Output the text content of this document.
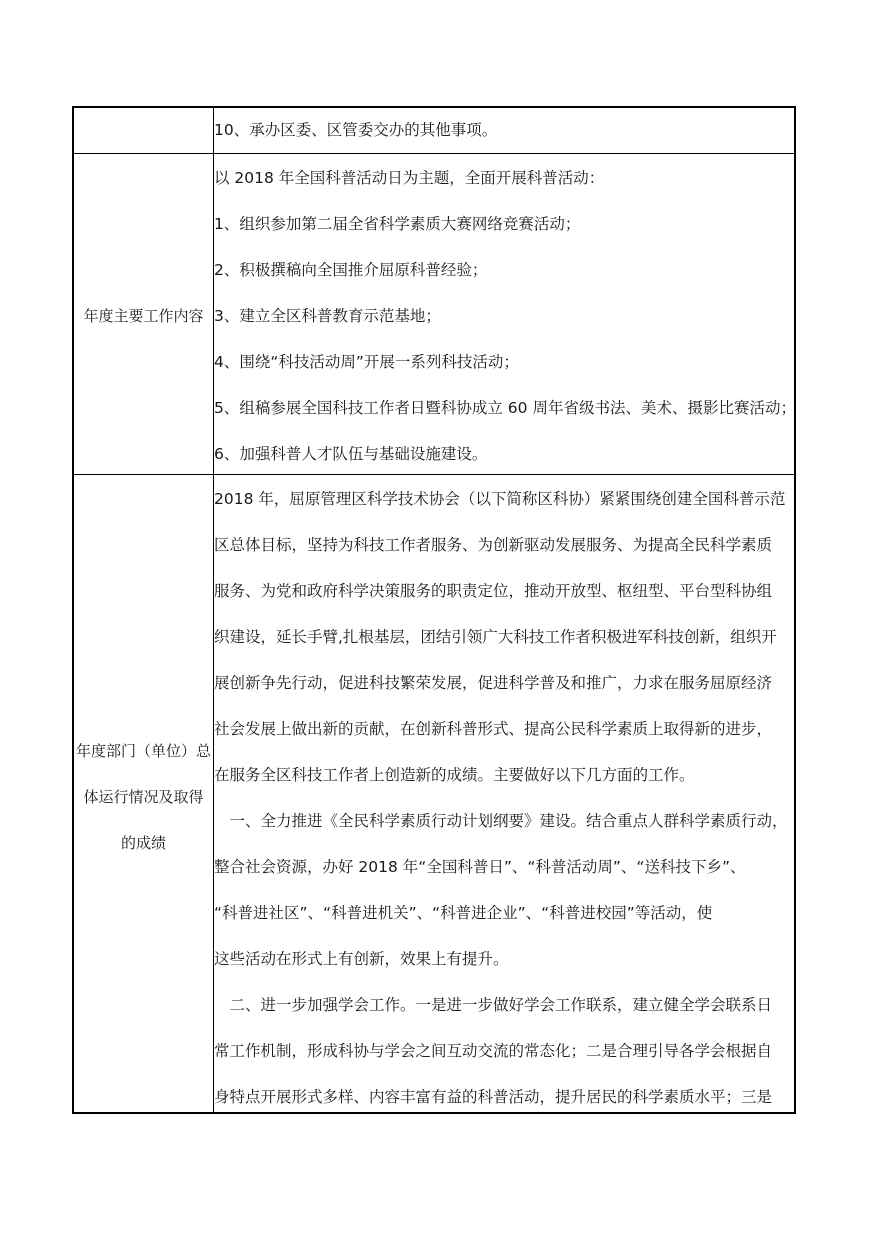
10、承办区委、区管委交办的其他事项。
年度主要工作内容
以 2018 年全国科普活动日为主题，全面开展科普活动：
1、组织参加第二届全省科学素质大赛网络竞赛活动；
2、积极撰稿向全国推介屈原科普经验；
3、建立全区科普教育示范基地；
4、围绕“科技活动周”开展一系列科技活动；
5、组稿参展全国科技工作者日暨科协成立 60 周年省级书法、美术、摄影比赛活动；
6、加强科普人才队伍与基础设施建设。
年度部门（单位）总
体运行情况及取得
的成绩
2018 年，屈原管理区科学技术协会（以下简称区科协）紧紧围绕创建全国科普示范
区总体目标，坚持为科技工作者服务、为创新驱动发展服务、为提高全民科学素质
服务、为党和政府科学决策服务的职责定位，推动开放型、枢纽型、平台型科协组
织建设，延长手臂,扎根基层，团结引领广大科技工作者积极进军科技创新，组织开
展创新争先行动，促进科技繁荣发展，促进科学普及和推广，力求在服务屈原经济
社会发展上做出新的贡献，在创新科普形式、提高公民科学素质上取得新的进步，
在服务全区科技工作者上创造新的成绩。主要做好以下几方面的工作。
　一、全力推进《全民科学素质行动计划纲要》建设。结合重点人群科学素质行动，
整合社会资源，办好 2018 年“全国科普日”、“科普活动周”、“送科技下乡”、
“科普进社区”、“科普进机关”、“科普进企业”、“科普进校园”等活动，使
这些活动在形式上有创新，效果上有提升。
　二、进一步加强学会工作。一是进一步做好学会工作联系，建立健全学会联系日
常工作机制，形成科协与学会之间互动交流的常态化；二是合理引导各学会根据自
身特点开展形式多样、内容丰富有益的科普活动，提升居民的科学素质水平；三是
